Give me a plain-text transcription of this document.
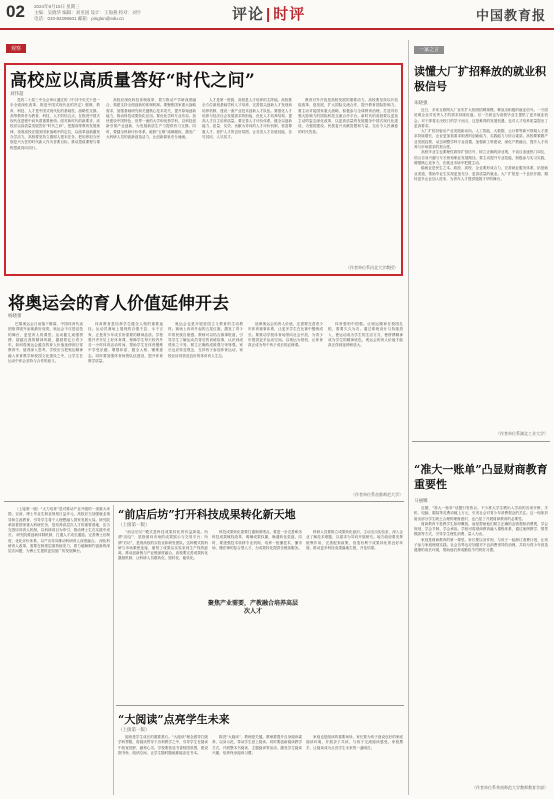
02 2024年8月15日 星期三
主编：吴晓华 编辑：刘亚国 设计：王海燕 校对：刘宇
电话：010-82296601 邮箱：pinglun@edu.cn	评论 | 时评	中国教育报
观察
高校应以高质量答好“时代之问”
刘伟超

党的二十届三中全会审议通过的《中共中央关于进一步全面深化改革、推进中国式现代化的决定》强调，教育、科技、人才是中国式现代化的基础性、战略性支撑。高等教育作为教育、科技、人才的结合点，在推进中国式现代化进程中肩负着重要使命。面对新时代的新要求，高校应以高质量发展答好“时代之问”，把握高等教育发展规律，找准高校在服务国家战略中的定位，以改革创新激发办学活力。高校要坚持立德树人根本任务，把培养担当民族复兴大任的时代新人作为首要目标，推动思政课程与课程思政同向同行。

高校应深化科技体制改革，着力推动产学研深度融合，构建支持全面创新的体制机制。要聚焦国家重大战略需求，加强基础研究和关键核心技术攻关，提升原始创新能力，推动科技成果转化应用。要优化学科专业布局，加快建设中国特色、世界一流的大学和优势学科，以科技创新引领产业创新，为发展新质生产力提供有力支撑。同时，要健全科研评价体系，破除“五唯”顽瘴痼疾，激发广大科研人员的创新创造活力，让创新源泉充分涌流。

人才是第一资源，高校是人才培养的主阵地。高校要全方位谋划基础学科人才培养，完善拔尖创新人才发现和培养机制，建设一流产业技术创新人才队伍。要强化人才培养与经济社会发展需求的衔接，优化人才培养结构，提高人才自主培养质量。要完善人才评价体系，健全以创新能力、质量、实效、贡献为导向的人才评价机制，营造尊重人才、爱护人才的良好氛围，让各类人才各展其能、各尽其用、人尽其才。

教育对外开放是高校发展的重要动力。高校要坚持以开放促改革、促发展，扩大国际交流合作，提升教育国际影响力。要主动对接国家重大战略，积极参与全球教育治理，打造具有强大影响力的国际科技交流合作平台。新时代的高校要以更加主动的姿态深化改革，以更高质量的发展服务中国式现代化建设，为强国建设、民族复兴贡献智慧和力量，交出令人民满意的时代答卷。

（作者单位系河北大学教授）
将奥运会的育人价值延伸开去
杨晓蕾

巴黎奥运会日前落下帷幕，中国体育代表团取得境外参赛最好成绩。奥运会不仅是竞技的舞台，更是育人的课堂。运动健儿顽强拼搏、超越自我的精神风貌，激励着亿万青少年。如何将奥运会蕴含的育人价值延伸到日常教育中，值得深入思考。学校应当把奥运精神融入体育教学和校园文化建设之中，让学生在运动中体会坚持与合作的意义。

体育教育是培养学生健全人格的重要途径。运动员赛场上展现的自强不息、永不言弃，正是青少年成长所需要的精神品质。学校要开齐开足上好体育课，保障学生每天校内外各一小时体育活动时间，帮助学生在体育锻炼中享受乐趣、增强体质、健全人格、锤炼意志。同时要加强体育师资队伍建设，提升体育教学质量。

奥运会也是开展爱国主义教育的生动教材。赛场上冉冉升起的五星红旗，激发了青少年的民族自豪感。教师可以结合赛事报道，引导学生了解运动员背后的训练故事，认识到成绩来之不易，树立正确的成败观与荣辱观。家长也应转变观念，支持孩子参加体育运动，家校社协同营造良好的体育育人生态。

延伸奥运会的育人价值，还需要完善青少年体育赛事体系，让更多学生在比赛中锻炼成长。要推动学校体育场馆向社会开放，为青少年提供更多运动空间。以奥运为契机，让体育真正成为每个孩子成长的必修课。

体育强则中国强。让奥运精神在校园扎根，需要久久为功。通过系统设计与持续投入，使运动成为学生的生活方式，使拼搏精神成为学生的精神底色，奥运会的育人价值才能真正得到延伸和放大。

（作者单位系首都师范大学）

（上接第一版）“大力培育”是对推动产业升级的一项重大举措。目前，博士毕业生职业规划日益多元，高校应当加强就业指导和生涯教育，引导学生将个人理想融入国家发展大局。研究院承担着国家重大科研任务，是培养高层次人才的重要基地，应当完善协同育人机制，以科研项目为牵引，推动博士生在实践中成长。 研究院要创新体制机制，打通人才成长通道。完善博士后制度，优化评价体系，以产出导向推动科研育人深度融合。 深化科研育人改革，需要在制度层面持续发力，着力破解制约创新的深层次问题，为博士生提供更加宽广的发展舞台。

“前店后坊”打开科技成果转化新天地
（上接第一版）

“前店后坊”模式是科技成果转化的有益探索。所谓“前店”，是指面向市场的成果展示与交易平台；所谓“后坊”，是指高校的实验室和研发团队。这种模式将科研与市场紧密连接，缩短了成果从实验室到生产线的距离，推动创新链与产业链深度融合。高校要完善成果转化激励机制，让科研人员敢转化、愿转化、能转化。

科技成果转化需要打通制度堵点。要进一步完善职务科技成果赋权改革，明晰成果权属，畅通转化渠道。同时，要建强技术转移专业机构，培养一批懂技术、懂市场、懂法律的复合型人才，为成果转化提供全链条服务。

聚焦产业需要，产教融合培养高层次人才

科研人员要树立成果转化意识，主动走出实验室，深入企业了解技术难题，以需求为导向开展研究。地方政府要发挥统筹作用，完善配套政策，营造有利于成果转化的良好环境，推动更多科技成果落地生根、开花结果。

“大阅读”点亮学生未来
（上接第一版）

阅读是学生成长的重要基石。“大阅读”理念倡导打破学科界限，将阅读贯穿于各科教学之中，引导学生在阅读中拓宽视野、涵养心灵。学校要营造书香校园氛围，建设图书角、阅读空间，让学生随时随地都能亲近书本。

推进“大阅读”，教师是关键。教师要提升自身阅读素养，以身示范，带动学生爱上阅读。同时要创新阅读教学方式，开展整本书阅读、主题阅读等活动，激发学生阅读兴趣，培养终身阅读习惯。

家庭也是阅读的重要场所。家长要为孩子创设良好的家庭阅读环境，开展亲子共读，与孩子交流阅读感受。家校携手，让阅读成为点亮学生未来的一盏明灯。

一家之言
读懂大厂扩招释放的就业积极信号
朱晓强

近日，多家互联网大厂宣布扩大校园招聘规模，释放出积极的就业信号。一方面说明企业对优秀人才的需求持续旺盛，另一方面也为高校毕业生提供了更多就业机会。对于即将走出校门的学子而言，这是难得的发展机遇，也对人才培养质量提出了更高要求。

大厂扩招折射出产业发展新动向。人工智能、大数据、云计算等新兴领域人才需求持续增长，企业更加看重求职者的创新能力、实践能力与综合素质。高校要紧跟产业发展趋势，动态调整学科专业设置，加强新工科建设，深化产教融合，提升人才培养与市场需求的契合度。

高校毕业生也要理性看待扩招信号，树立正确的择业观，不盲目追逐热门岗位，结合自身兴趣与专长规划职业发展路径。要主动提升专业技能，积极参与实习实践，增强核心竞争力，在就业市场中把握主动。

稳就业是民生之本。政府、高校、企业要形成合力，完善就业服务体系，拓宽就业渠道，帮助毕业生实现更加充分、更高质量的就业。大厂扩招是一个良好开端，期待更多企业加入进来，为青年人才提供施展才华的舞台。

（作者单位系湖北工业大学）
“准大一账单”凸显财商教育重要性
马丽娜

近期，“准大一账单”话题引发热议。不少准大学生晒出入学前的各项开销，手机、电脑、服装等花费动辄上万元，引发社会对青少年消费观念的关注。这一现象折射出部分学生缺乏合理的理财意识，也凸显了开展财商教育的必要性。

财商教育不是教学生如何赚钱，而是帮助他们树立正确的金钱观和消费观，学会规划、学会节制、学会承担。学校可将财商教育融入课程体系，通过案例教学、情景模拟等方式，引导学生理性消费、量入为出。

家庭是财商教育的第一课堂。家长要以身作则，与孩子一起制订消费计划，让孩子参与家庭理财实践。社会各界也应加强对不良消费诱导的治理，共同为青少年营造健康的成长环境，帮助他们养成勤俭节约的好习惯。

（作者单位系华南师范大学教师教育学部）
